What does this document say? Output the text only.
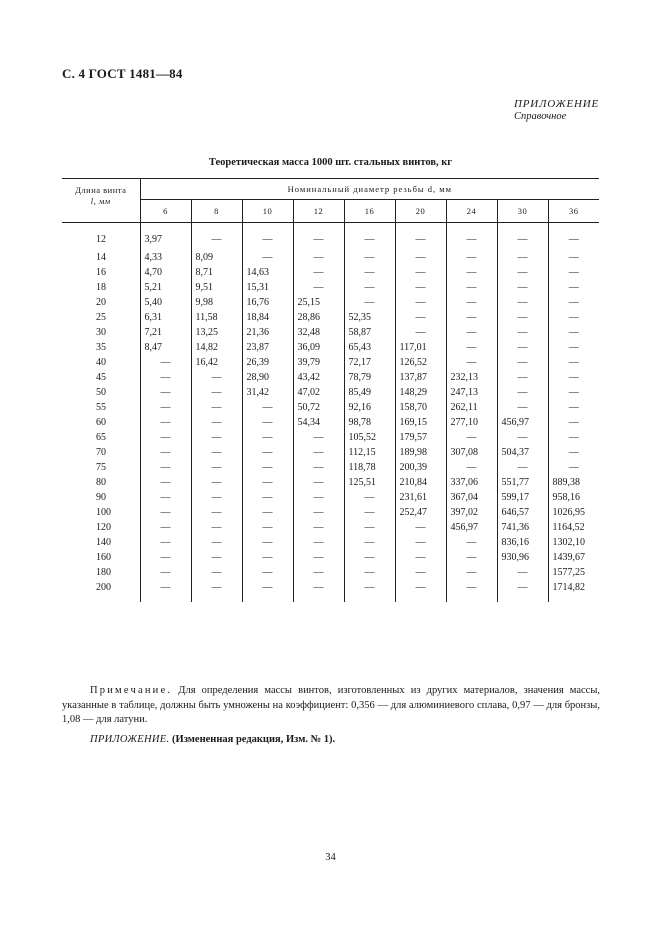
С. 4 ГОСТ 1481—84
ПРИЛОЖЕНИЕ
Справочное
Теоретическая масса 1000 шт. стальных винтов, кг
Длина винта
l, мм	Номинальный диаметр резьбы d, мм								
	6	8	10	12	16	20	24	30	36
12	3,97	—	—	—	—	—	—	—	—
14	4,33	8,09	—	—	—	—	—	—	—
16	4,70	8,71	14,63	—	—	—	—	—	—
18	5,21	9,51	15,31	—	—	—	—	—	—
20	5,40	9,98	16,76	25,15	—	—	—	—	—
25	6,31	11,58	18,84	28,86	52,35	—	—	—	—
30	7,21	13,25	21,36	32,48	58,87	—	—	—	—
35	8,47	14,82	23,87	36,09	65,43	117,01	—	—	—
40	—	16,42	26,39	39,79	72,17	126,52	—	—	—
45	—	—	28,90	43,42	78,79	137,87	232,13	—	—
50	—	—	31,42	47,02	85,49	148,29	247,13	—	—
55	—	—	—	50,72	92,16	158,70	262,11	—	—
60	—	—	—	54,34	98,78	169,15	277,10	456,97	—
65	—	—	—	—	105,52	179,57	—	—	—
70	—	—	—	—	112,15	189,98	307,08	504,37	—
75	—	—	—	—	118,78	200,39	—	—	—
80	—	—	—	—	125,51	210,84	337,06	551,77	889,38
90	—	—	—	—	—	231,61	367,04	599,17	958,16
100	—	—	—	—	—	252,47	397,02	646,57	1026,95
120	—	—	—	—	—	—	456,97	741,36	1164,52
140	—	—	—	—	—	—	—	836,16	1302,10
160	—	—	—	—	—	—	—	930,96	1439,67
180	—	—	—	—	—	—	—	—	1577,25
200	—	—	—	—	—	—	—	—	1714,82
Примечание. Для определения массы винтов, изготовленных из других материалов, значения массы, указанные в таблице, должны быть умножены на коэффициент: 0,356 — для алюминиевого сплава, 0,97 — для бронзы, 1,08 — для латуни.
ПРИЛОЖЕНИЕ. (Измененная редакция, Изм. № 1).
34
